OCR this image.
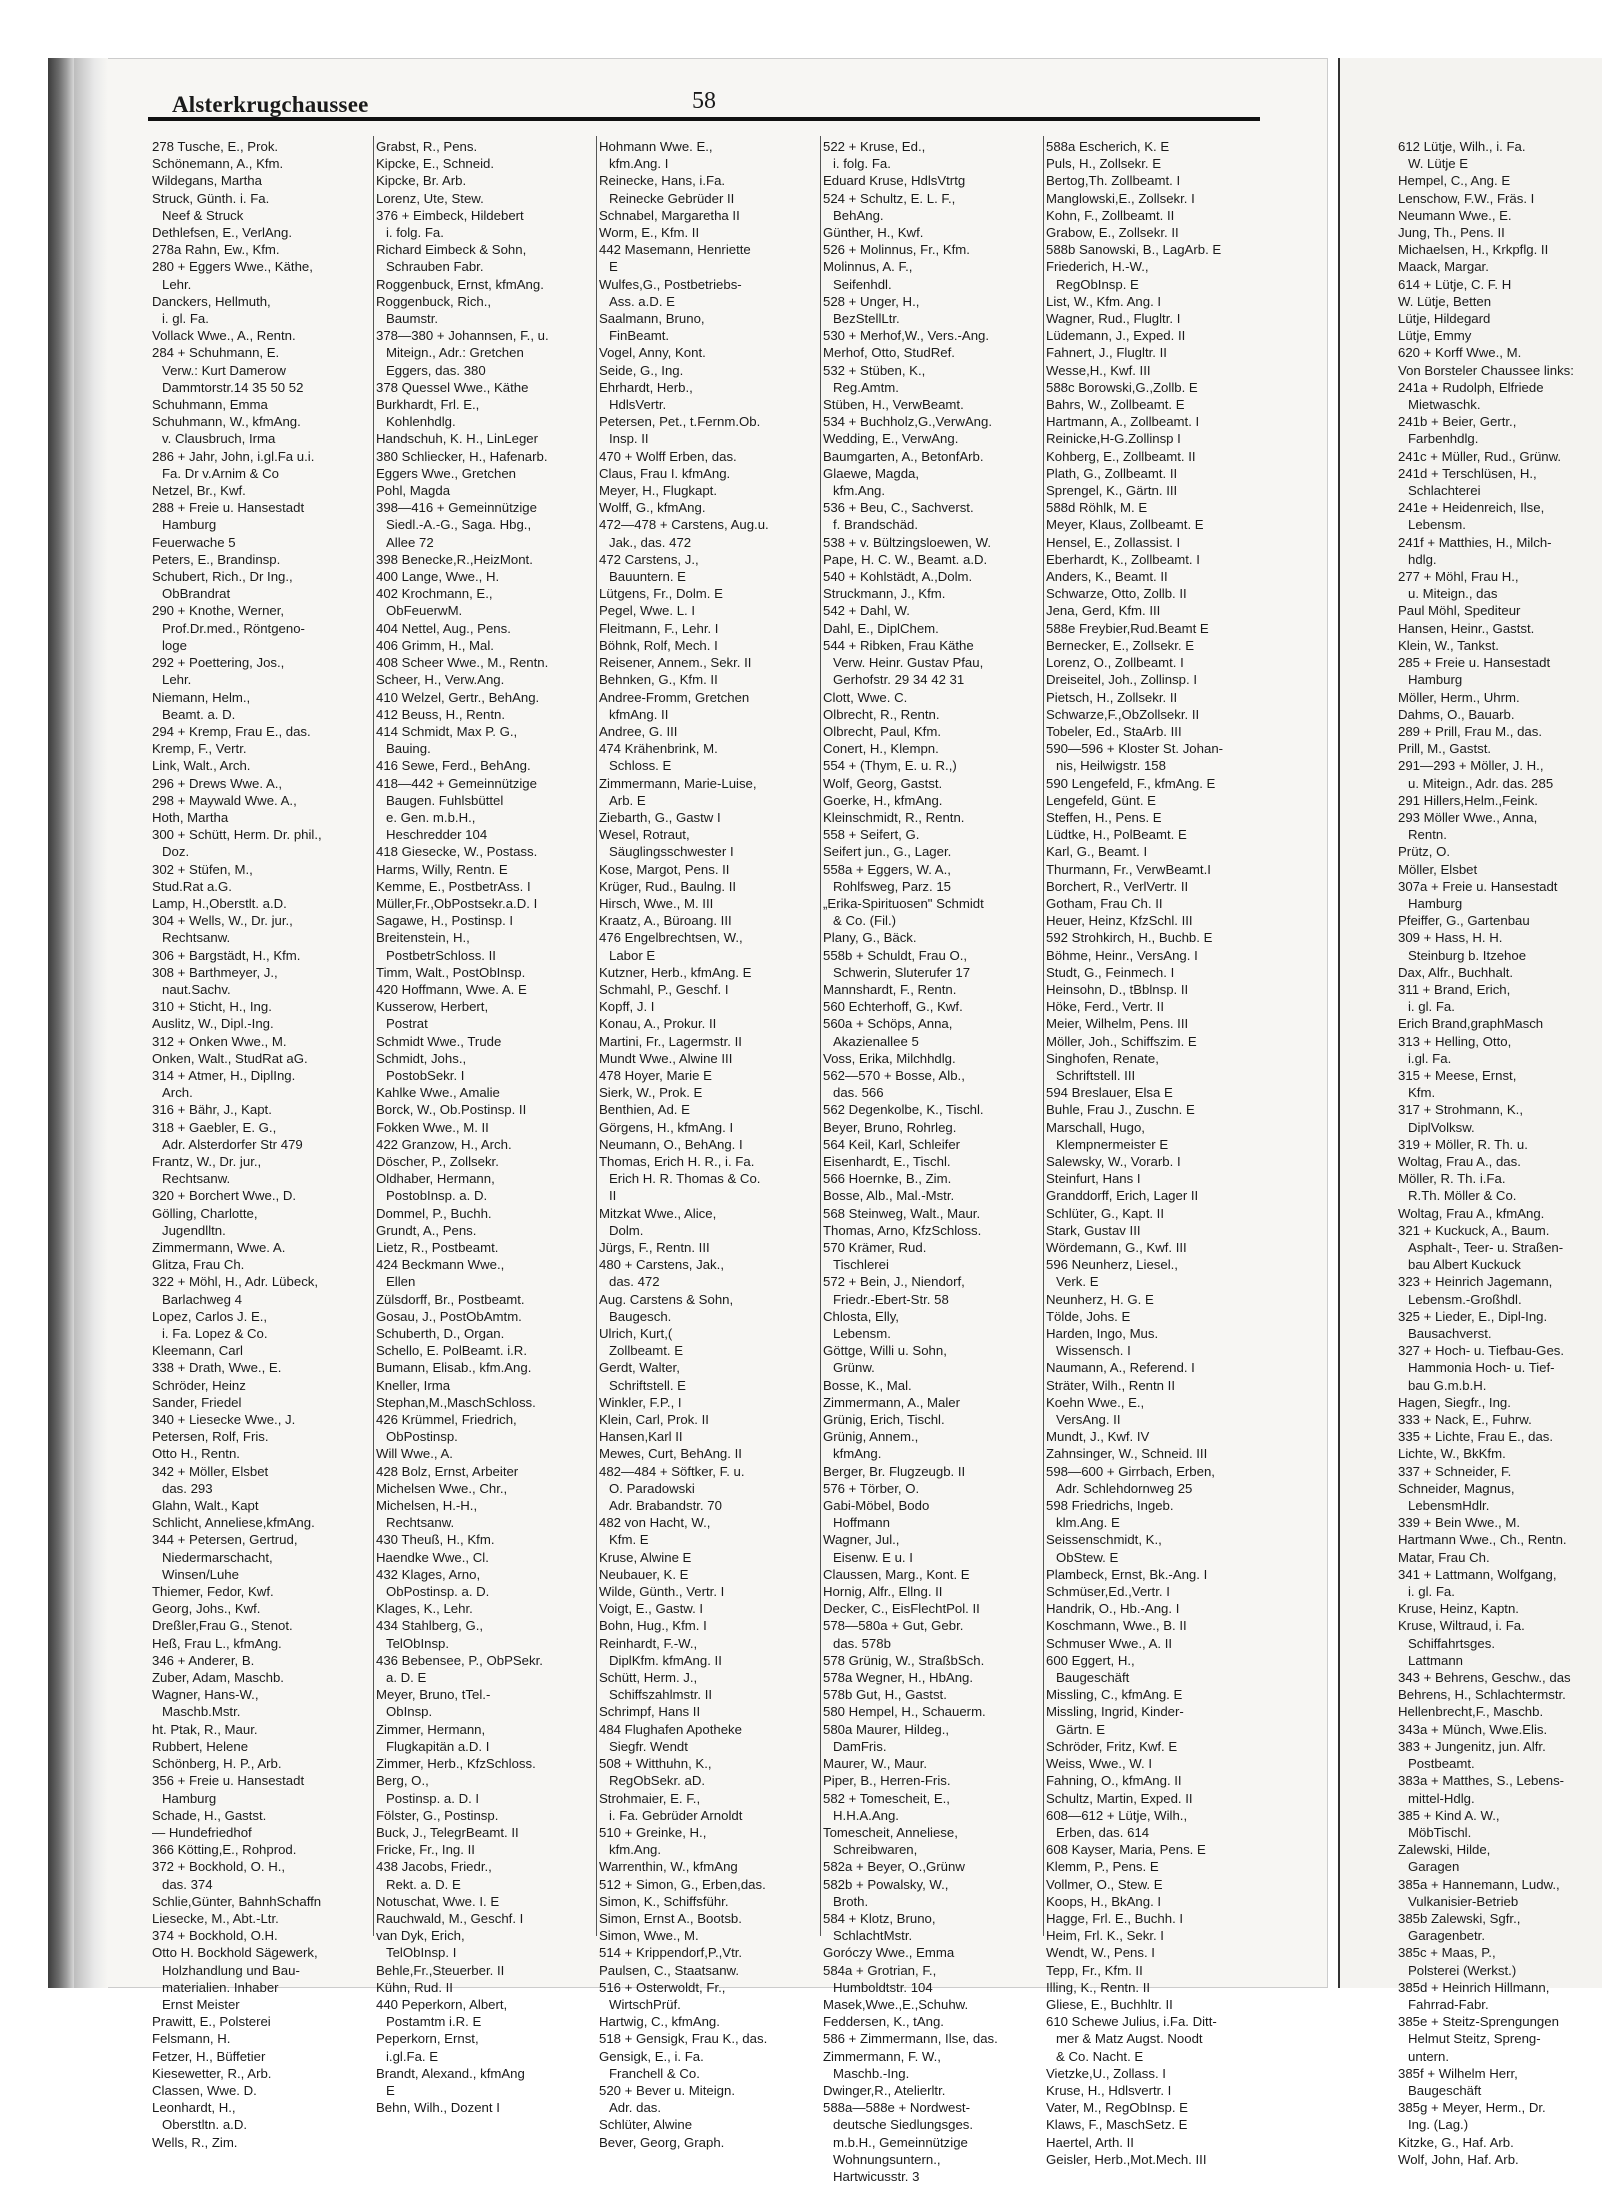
Alsterkrugchaussee	58
278 Tusche, E., Prok.
Schönemann, A., Kfm.
Wildegans, Martha
Struck, Günth. i. Fa.
Neef & Struck
Dethlefsen, E., VerlAng.
278a Rahn, Ew., Kfm.
280 + Eggers Wwe., Käthe,
Lehr.
Danckers, Hellmuth,
i. gl. Fa.
Vollack Wwe., A., Rentn.
284 + Schuhmann, E.
Verw.: Kurt Damerow
Dammtorstr.14 35 50 52
Schuhmann, Emma
Schuhmann, W., kfmAng.
v. Clausbruch, Irma
286 + Jahr, John, i.gl.Fa u.i.
Fa. Dr v.Arnim & Co
Netzel, Br., Kwf.
288 + Freie u. Hansestadt
Hamburg
Feuerwache 5
Peters, E., Brandinsp.
Schubert, Rich., Dr Ing.,
ObBrandrat
290 + Knothe, Werner,
Prof.Dr.med., Röntgeno-
loge
292 + Poettering, Jos.,
Lehr.
Niemann, Helm.,
Beamt. a. D.
294 + Kremp, Frau E., das.
Kremp, F., Vertr.
Link, Walt., Arch.
296 + Drews Wwe. A.,
298 + Maywald Wwe. A.,
Hoth, Martha
300 + Schütt, Herm. Dr. phil.,
Doz.
302 + Stüfen, M.,
Stud.Rat a.G.
Lamp, H.,Oberstlt. a.D.
304 + Wells, W., Dr. jur.,
Rechtsanw.
306 + Bargstädt, H., Kfm.
308 + Barthmeyer, J.,
naut.Sachv.
310 + Sticht, H., Ing.
Auslitz, W., Dipl.-Ing.
312 + Onken Wwe., M.
Onken, Walt., StudRat aG.
314 + Atmer, H., DiplIng.
Arch.
316 + Bähr, J., Kapt.
318 + Gaebler, E. G.,
Adr. Alsterdorfer Str 479
Frantz, W., Dr. jur.,
Rechtsanw.
320 + Borchert Wwe., D.
Gölling, Charlotte,
Jugendlltn.
Zimmermann, Wwe. A.
Glitza, Frau Ch.
322 + Möhl, H., Adr. Lübeck,
Barlachweg 4
Lopez, Carlos J. E.,
i. Fa. Lopez & Co.
Kleemann, Carl
338 + Drath, Wwe., E.
Schröder, Heinz
Sander, Friedel
340 + Liesecke Wwe., J.
Petersen, Rolf, Fris.
Otto H., Rentn.
342 + Möller, Elsbet
das. 293
Glahn, Walt., Kapt
Schlicht, Anneliese,kfmAng.
344 + Petersen, Gertrud,
Niedermarschacht,
Winsen/Luhe
Thiemer, Fedor, Kwf.
Georg, Johs., Kwf.
Dreßler,Frau G., Stenot.
Heß, Frau L., kfmAng.
346 + Anderer, B.
Zuber, Adam, Maschb.
Wagner, Hans-W.,
Maschb.Mstr.
ht. Ptak, R., Maur.
Rubbert, Helene
Schönberg, H. P., Arb.
356 + Freie u. Hansestadt
Hamburg
Schade, H., Gastst.
— Hundefriedhof
366 Kötting,E., Rohprod.
372 + Bockhold, O. H.,
das. 374
Schlie,Günter, BahnhSchaffn
Liesecke, M., Abt.-Ltr.
374 + Bockhold, O.H.
Otto H. Bockhold Sägewerk,
Holzhandlung und Bau-
materialien. Inhaber
Ernst Meister
Prawitt, E., Polsterei
Felsmann, H.
Fetzer, H., Büffetier
Kiesewetter, R., Arb.
Classen, Wwe. D.
Leonhardt, H.,
Oberstltn. a.D.
Wells, R., Zim.
Grabst, R., Pens.
Kipcke, E., Schneid.
Kipcke, Br. Arb.
Lorenz, Ute, Stew.
376 + Eimbeck, Hildebert
i. folg. Fa.
Richard Eimbeck & Sohn,
Schrauben Fabr.
Roggenbuck, Ernst, kfmAng.
Roggenbuck, Rich.,
Baumstr.
378—380 + Johannsen, F., u.
Miteign., Adr.: Gretchen
Eggers, das. 380
378 Quessel Wwe., Käthe
Burkhardt, Frl. E.,
Kohlenhdlg.
Handschuh, K. H., LinLeger
380 Schliecker, H., Hafenarb.
Eggers Wwe., Gretchen
Pohl, Magda
398—416 + Gemeinnützige
Siedl.-A.-G., Saga. Hbg.,
Allee 72
398 Benecke,R.,HeizMont.
400 Lange, Wwe., H.
402 Krochmann, E.,
ObFeuerwM.
404 Nettel, Aug., Pens.
406 Grimm, H., Mal.
408 Scheer Wwe., M., Rentn.
Scheer, H., Verw.Ang.
410 Welzel, Gertr., BehAng.
412 Beuss, H., Rentn.
414 Schmidt, Max P. G.,
Bauing.
416 Sewe, Ferd., BehAng.
418—442 + Gemeinnützige
Baugen. Fuhlsbüttel
e. Gen. m.b.H.,
Heschredder 104
418 Giesecke, W., Postass.
Harms, Willy, Rentn. E
Kemme, E., PostbetrAss. I
Müller,Fr.,ObPostsekr.a.D. I
Sagawe, H., Postinsp. I
Breitenstein, H.,
PostbetrSchloss. II
Timm, Walt., PostObInsp.
420 Hoffmann, Wwe. A. E
Kusserow, Herbert,
Postrat
Schmidt Wwe., Trude
Schmidt, Johs.,
PostobSekr. I
Kahlke Wwe., Amalie
Borck, W., Ob.Postinsp. II
Fokken Wwe., M. II
422 Granzow, H., Arch.
Döscher, P., Zollsekr.
Oldhaber, Hermann,
PostobInsp. a. D.
Dommel, P., Buchh.
Grundt, A., Pens.
Lietz, R., Postbeamt.
424 Beckmann Wwe.,
Ellen
Zülsdorff, Br., Postbeamt.
Gosau, J., PostObAmtm.
Schuberth, D., Organ.
Schello, E. PolBeamt. i.R.
Bumann, Elisab., kfm.Ang.
Kneller, Irma
Stephan,M.,MaschSchloss.
426 Krümmel, Friedrich,
ObPostinsp.
Will Wwe., A.
428 Bolz, Ernst, Arbeiter
Michelsen Wwe., Chr.,
Michelsen, H.-H.,
Rechtsanw.
430 Theuß, H., Kfm.
Haendke Wwe., Cl.
432 Klages, Arno,
ObPostinsp. a. D.
Klages, K., Lehr.
434 Stahlberg, G.,
TelObInsp.
436 Bebensee, P., ObPSekr.
a. D. E
Meyer, Bruno, tTel.-
ObInsp.
Zimmer, Hermann,
Flugkapitän a.D. I
Zimmer, Herb., KfzSchloss.
Berg, O.,
Postinsp. a. D. I
Fölster, G., Postinsp.
Buck, J., TelegrBeamt. II
Fricke, Fr., Ing. II
438 Jacobs, Friedr.,
Rekt. a. D. E
Notuschat, Wwe. I. E
Rauchwald, M., Geschf. I
van Dyk, Erich,
TelObInsp. I
Behle,Fr.,Steuerber. II
Kühn, Rud. II
440 Peperkorn, Albert,
Postamtm i.R. E
Peperkorn, Ernst,
i.gl.Fa. E
Brandt, Alexand., kfmAng
E
Behn, Wilh., Dozent I
Hohmann Wwe. E.,
kfm.Ang. I
Reinecke, Hans, i.Fa.
Reinecke Gebrüder II
Schnabel, Margaretha II
Worm, E., Kfm. II
442 Masemann, Henriette
E
Wulfes,G., Postbetriebs-
Ass. a.D. E
Saalmann, Bruno,
FinBeamt.
Vogel, Anny, Kont.
Seide, G., Ing.
Ehrhardt, Herb.,
HdlsVertr.
Petersen, Pet., t.Fernm.Ob.
Insp. II
470 + Wolff Erben, das.
Claus, Frau I. kfmAng.
Meyer, H., Flugkapt.
Wolff, G., kfmAng.
472—478 + Carstens, Aug.u.
Jak., das. 472
472 Carstens, J.,
Bauuntern. E
Lütgens, Fr., Dolm. E
Pegel, Wwe. L. I
Fleitmann, F., Lehr. I
Böhnk, Rolf, Mech. I
Reisener, Annem., Sekr. II
Behnken, G., Kfm. II
Andree-Fromm, Gretchen
kfmAng. II
Andree, G. III
474 Krähenbrink, M.
Schloss. E
Zimmermann, Marie-Luise,
Arb. E
Ziebarth, G., Gastw I
Wesel, Rotraut,
Säuglingsschwester I
Kose, Margot, Pens. II
Krüger, Rud., Baulng. II
Hirsch, Wwe., M. III
Kraatz, A., Büroang. III
476 Engelbrechtsen, W.,
Labor E
Kutzner, Herb., kfmAng. E
Schmahl, P., Geschf. I
Kopff, J. I
Konau, A., Prokur. II
Martini, Fr., Lagermstr. II
Mundt Wwe., Alwine III
478 Hoyer, Marie E
Sierk, W., Prok. E
Benthien, Ad. E
Görgens, H., kfmAng. I
Neumann, O., BehAng. I
Thomas, Erich H. R., i. Fa.
Erich H. R. Thomas & Co.
II
Mitzkat Wwe., Alice,
Dolm.
Jürgs, F., Rentn. III
480 + Carstens, Jak.,
das. 472
Aug. Carstens & Sohn,
Baugesch.
Ulrich, Kurt,(
Zollbeamt. E
Gerdt, Walter,
Schriftstell. E
Winkler, F.P., I
Klein, Carl, Prok. II
Hansen,Karl II
Mewes, Curt, BehAng. II
482—484 + Söftker, F. u.
O. Paradowski
Adr. Brabandstr. 70
482 von Hacht, W.,
Kfm. E
Kruse, Alwine E
Neubauer, K. E
Wilde, Günth., Vertr. I
Voigt, E., Gastw. I
Bohn, Hug., Kfm. I
Reinhardt, F.-W.,
DiplKfm. kfmAng. II
Schütt, Herm. J.,
Schiffszahlmstr. II
Schrimpf, Hans II
484 Flughafen Apotheke
Siegfr. Wendt
508 + Witthuhn, K.,
RegObSekr. aD.
Strohmaier, E. F.,
i. Fa. Gebrüder Arnoldt
510 + Greinke, H.,
kfm.Ang.
Warrenthin, W., kfmAng
512 + Simon, G., Erben,das.
Simon, K., Schiffsführ.
Simon, Ernst A., Bootsb.
Simon, Wwe., M.
514 + Krippendorf,P.,Vtr.
Paulsen, C., Staatsanw.
516 + Osterwoldt, Fr.,
WirtschPrüf.
Hartwig, C., kfmAng.
518 + Gensigk, Frau K., das.
Gensigk, E., i. Fa.
Franchell & Co.
520 + Bever u. Miteign.
Adr. das.
Schlüter, Alwine
Bever, Georg, Graph.
522 + Kruse, Ed.,
i. folg. Fa.
Eduard Kruse, HdlsVtrtg
524 + Schultz, E. L. F.,
BehAng.
Günther, H., Kwf.
526 + Molinnus, Fr., Kfm.
Molinnus, A. F.,
Seifenhdl.
528 + Unger, H.,
BezStellLtr.
530 + Merhof,W., Vers.-Ang.
Merhof, Otto, StudRef.
532 + Stüben, K.,
Reg.Amtm.
Stüben, H., VerwBeamt.
534 + Buchholz,G.,VerwAng.
Wedding, E., VerwAng.
Baumgarten, A., BetonfArb.
Glaewe, Magda,
kfm.Ang.
536 + Beu, C., Sachverst.
f. Brandschäd.
538 + v. Bültzingsloewen, W.
Pape, H. C. W., Beamt. a.D.
540 + Kohlstädt, A.,Dolm.
Struckmann, J., Kfm.
542 + Dahl, W.
Dahl, E., DiplChem.
544 + Ribken, Frau Käthe
Verw. Heinr. Gustav Pfau,
Gerhofstr. 29 34 42 31
Clott, Wwe. C.
Olbrecht, R., Rentn.
Olbrecht, Paul, Kfm.
Conert, H., Klempn.
554 + (Thym, E. u. R.,)
Wolf, Georg, Gastst.
Goerke, H., kfmAng.
Kleinschmidt, R., Rentn.
558 + Seifert, G.
Seifert jun., G., Lager.
558a + Eggers, W. A.,
Rohlfsweg, Parz. 15
„Erika-Spirituosen" Schmidt
& Co. (Fil.)
Plany, G., Bäck.
558b + Schuldt, Frau O.,
Schwerin, Sluterufer 17
Mannshardt, F., Rentn.
560 Echterhoff, G., Kwf.
560a + Schöps, Anna,
Akazienallee 5
Voss, Erika, Milchhdlg.
562—570 + Bosse, Alb.,
das. 566
562 Degenkolbe, K., Tischl.
Beyer, Bruno, Rohrleg.
564 Keil, Karl, Schleifer
Eisenhardt, E., Tischl.
566 Hoernke, B., Zim.
Bosse, Alb., Mal.-Mstr.
568 Steinweg, Walt., Maur.
Thomas, Arno, KfzSchloss.
570 Krämer, Rud.
Tischlerei
572 + Bein, J., Niendorf,
Friedr.-Ebert-Str. 58
Chlosta, Elly,
Lebensm.
Göttge, Willi u. Sohn,
Grünw.
Bosse, K., Mal.
Zimmermann, A., Maler
Grünig, Erich, Tischl.
Grünig, Annem.,
kfmAng.
Berger, Br. Flugzeugb. II
576 + Törber, O.
Gabi-Möbel, Bodo
Hoffmann
Wagner, Jul.,
Eisenw. E u. I
Claussen, Marg., Kont. E
Hornig, Alfr., Ellng. II
Decker, C., EisFlechtPol. II
578—580a + Gut, Gebr.
das. 578b
578 Grünig, W., StraßbSch.
578a Wegner, H., HbAng.
578b Gut, H., Gastst.
580 Hempel, H., Schauerm.
580a Maurer, Hildeg.,
DamFris.
Maurer, W., Maur.
Piper, B., Herren-Fris.
582 + Tomescheit, E.,
H.H.A.Ang.
Tomescheit, Anneliese,
Schreibwaren,
582a + Beyer, O.,Grünw
582b + Powalsky, W.,
Broth.
584 + Klotz, Bruno,
SchlachtMstr.
Goróczy Wwe., Emma
584a + Grotrian, F.,
Humboldtstr. 104
Masek,Wwe.,E.,Schuhw.
Feddersen, K., tAng.
586 + Zimmermann, Ilse, das.
Zimmermann, F. W.,
Maschb.-Ing.
Dwinger,R., Atelierltr.
588a—588e + Nordwest-
deutsche Siedlungsges.
m.b.H., Gemeinnützige
Wohnungsuntern.,
Hartwicusstr. 3
588a Escherich, K. E
Puls, H., Zollsekr. E
Bertog,Th. Zollbeamt. I
Manglowski,E., Zollsekr. I
Kohn, F., Zollbeamt. II
Grabow, E., Zollsekr. II
588b Sanowski, B., LagArb. E
Friederich, H.-W.,
RegObInsp. E
List, W., Kfm. Ang. I
Wagner, Rud., Flugltr. I
Lüdemann, J., Exped. II
Fahnert, J., Flugltr. II
Wesse,H., Kwf. III
588c Borowski,G.,Zollb. E
Bahrs, W., Zollbeamt. E
Hartmann, A., Zollbeamt. I
Reinicke,H-G.Zollinsp I
Kohberg, E., Zollbeamt. II
Plath, G., Zollbeamt. II
Sprengel, K., Gärtn. III
588d Röhlk, M. E
Meyer, Klaus, Zollbeamt. E
Hensel, E., Zollassist. I
Eberhardt, K., Zollbeamt. I
Anders, K., Beamt. II
Schwarze, Otto, Zollb. II
Jena, Gerd, Kfm. III
588e Freybier,Rud.Beamt E
Bernecker, E., Zollsekr. E
Lorenz, O., Zollbeamt. I
Dreiseitel, Joh., Zollinsp. I
Pietsch, H., Zollsekr. II
Schwarze,F.,ObZollsekr. II
Tobeler, Ed., StaArb. III
590—596 + Kloster St. Johan-
nis, Heilwigstr. 158
590 Lengefeld, F., kfmAng. E
Lengefeld, Günt. E
Steffen, H., Pens. E
Lüdtke, H., PolBeamt. E
Karl, G., Beamt. I
Thurmann, Fr., VerwBeamt.I
Borchert, R., VerlVertr. II
Gotham, Frau Ch. II
Heuer, Heinz, KfzSchl. III
592 Strohkirch, H., Buchb. E
Böhme, Heinr., VersAng. I
Studt, G., Feinmech. I
Heinsohn, D., tBblnsp. II
Höke, Ferd., Vertr. II
Meier, Wilhelm, Pens. III
Möller, Joh., Schiffszim. E
Singhofen, Renate,
Schriftstell. III
594 Breslauer, Elsa E
Buhle, Frau J., Zuschn. E
Marschall, Hugo,
Klempnermeister E
Salewsky, W., Vorarb. I
Steinfurt, Hans I
Granddorff, Erich, Lager II
Schlüter, G., Kapt. II
Stark, Gustav III
Wördemann, G., Kwf. III
596 Neunherz, Liesel.,
Verk. E
Neunherz, H. G. E
Tölde, Johs. E
Harden, Ingo, Mus.
Wissensch. I
Naumann, A., Referend. I
Sträter, Wilh., Rentn II
Koehn Wwe., E.,
VersAng. II
Mundt, J., Kwf. IV
Zahnsinger, W., Schneid. III
598—600 + Girrbach, Erben,
Adr. Schlehdornweg 25
598 Friedrichs, Ingeb.
klm.Ang. E
Seissenschmidt, K.,
ObStew. E
Plambeck, Ernst, Bk.-Ang. I
Schmüser,Ed.,Vertr. I
Handrik, O., Hb.-Ang. I
Koschmann, Wwe., B. II
Schmuser Wwe., A. II
600 Eggert, H.,
Baugeschäft
Missling, C., kfmAng. E
Missling, Ingrid, Kinder-
Gärtn. E
Schröder, Fritz, Kwf. E
Weiss, Wwe., W. I
Fahning, O., kfmAng. II
Schultz, Martin, Exped. II
608—612 + Lütje, Wilh.,
Erben, das. 614
608 Kayser, Maria, Pens. E
Klemm, P., Pens. E
Vollmer, O., Stew. E
Koops, H., BkAng. I
Hagge, Frl. E., Buchh. I
Heim, Frl. K., Sekr. I
Wendt, W., Pens. I
Tepp, Fr., Kfm. II
Illing, K., Rentn. II
Gliese, E., Buchhltr. II
610 Schewe Julius, i.Fa. Ditt-
mer & Matz Augst. Noodt
& Co. Nacht. E
Vietzke,U., Zollass. I
Kruse, H., Hdlsvertr. I
Vater, M., RegObInsp. E
Klaws, F., MaschSetz. E
Haertel, Arth. II
Geisler, Herb.,Mot.Mech. III
612 Lütje, Wilh., i. Fa.
W. Lütje E
Hempel, C., Ang. E
Lenschow, F.W., Fräs. I
Neumann Wwe., E.
Jung, Th., Pens. II
Michaelsen, H., Krkpflg. II
Maack, Margar.
614 + Lütje, C. F. H
W. Lütje, Betten
Lütje, Hildegard
Lütje, Emmy
620 + Korff Wwe., M.
Von Borsteler Chaussee links:
241a + Rudolph, Elfriede
Mietwaschk.
241b + Beier, Gertr.,
Farbenhdlg.
241c + Müller, Rud., Grünw.
241d + Terschlüsen, H.,
Schlachterei
241e + Heidenreich, Ilse,
Lebensm.
241f + Matthies, H., Milch-
hdlg.
277 + Möhl, Frau H.,
u. Miteign., das
Paul Möhl, Spediteur
Hansen, Heinr., Gastst.
Klein, W., Tankst.
285 + Freie u. Hansestadt
Hamburg
Möller, Herm., Uhrm.
Dahms, O., Bauarb.
289 + Prill, Frau M., das.
Prill, M., Gastst.
291—293 + Möller, J. H.,
u. Miteign., Adr. das. 285
291 Hillers,Helm.,Feink.
293 Möller Wwe., Anna,
Rentn.
Prütz, O.
Möller, Elsbet
307a + Freie u. Hansestadt
Hamburg
Pfeiffer, G., Gartenbau
309 + Hass, H. H.
Steinburg b. Itzehoe
Dax, Alfr., Buchhalt.
311 + Brand, Erich,
i. gl. Fa.
Erich Brand,graphMasch
313 + Helling, Otto,
i.gl. Fa.
315 + Meese, Ernst,
Kfm.
317 + Strohmann, K.,
DiplVolksw.
319 + Möller, R. Th. u.
Woltag, Frau A., das.
Möller, R. Th. i.Fa.
R.Th. Möller & Co.
Woltag, Frau A., kfmAng.
321 + Kuckuck, A., Baum.
Asphalt-, Teer- u. Straßen-
bau Albert Kuckuck
323 + Heinrich Jagemann,
Lebensm.-Großhdl.
325 + Lieder, E., Dipl-Ing.
Bausachverst.
327 + Hoch- u. Tiefbau-Ges.
Hammonia Hoch- u. Tief-
bau G.m.b.H.
Hagen, Siegfr., Ing.
333 + Nack, E., Fuhrw.
335 + Lichte, Frau E., das.
Lichte, W., BkKfm.
337 + Schneider, F.
Schneider, Magnus,
LebensmHdlr.
339 + Bein Wwe., M.
Hartmann Wwe., Ch., Rentn.
Matar, Frau Ch.
341 + Lattmann, Wolfgang,
i. gl. Fa.
Kruse, Heinz, Kaptn.
Kruse, Wiltraud, i. Fa.
Schiffahrtsges.
Lattmann
343 + Behrens, Geschw., das
Behrens, H., Schlachtermstr.
Hellenbrecht,F., Maschb.
343a + Münch, Wwe.Elis.
383 + Jungenitz, jun. Alfr.
Postbeamt.
383a + Matthes, S., Lebens-
mittel-Hdlg.
385 + Kind A. W.,
MöbTischl.
Zalewski, Hilde,
Garagen
385a + Hannemann, Ludw.,
Vulkanisier-Betrieb
385b Zalewski, Sgfr.,
Garagenbetr.
385c + Maas, P.,
Polsterei (Werkst.)
385d + Heinrich Hillmann,
Fahrrad-Fabr.
385e + Steitz-Sprengungen
Helmut Steitz, Spreng-
untern.
385f + Wilhelm Herr,
Baugeschäft
385g + Meyer, Herm., Dr.
Ing. (Lag.)
Kitzke, G., Haf. Arb.
Wolf, John, Haf. Arb.
